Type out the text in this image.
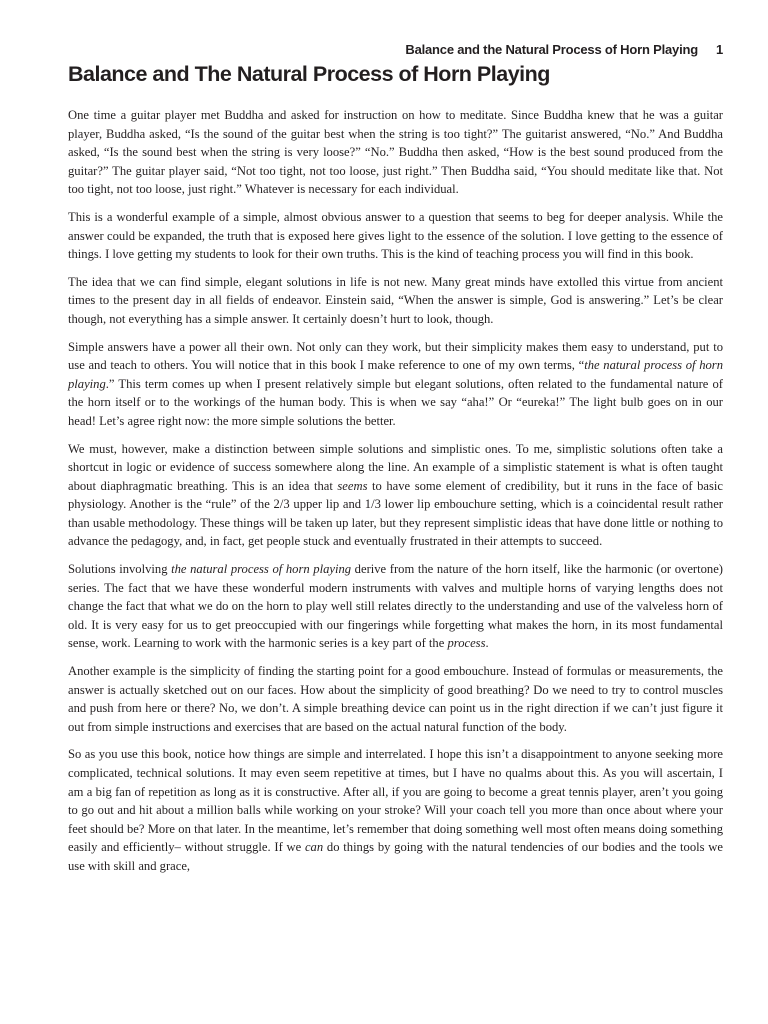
Balance and the Natural Process of Horn Playing 1
Balance and The Natural Process of Horn Playing

One time a guitar player met Buddha and asked for instruction on how to meditate. Since Buddha knew that he was a guitar player, Buddha asked, “Is the sound of the guitar best when the string is too tight?” The guitarist answered, “No.” And Buddha asked, “Is the sound best when the string is very loose?” “No.” Buddha then asked, “How is the best sound produced from the guitar?” The guitar player said, “Not too tight, not too loose, just right.” Then Buddha said, “You should meditate like that. Not too tight, not too loose, just right.” Whatever is necessary for each individual.

This is a wonderful example of a simple, almost obvious answer to a question that seems to beg for deeper analysis. While the answer could be expanded, the truth that is exposed here gives light to the essence of the solution. I love getting to the essence of things. I love getting my students to look for their own truths. This is the kind of teaching process you will find in this book.

The idea that we can find simple, elegant solutions in life is not new. Many great minds have extolled this virtue from ancient times to the present day in all fields of endeavor. Einstein said, “When the answer is simple, God is answering.” Let’s be clear though, not everything has a simple answer. It certainly doesn’t hurt to look, though.

Simple answers have a power all their own. Not only can they work, but their simplicity makes them easy to understand, put to use and teach to others. You will notice that in this book I make reference to one of my own terms, “the natural process of horn playing.” This term comes up when I present relatively simple but elegant solutions, often related to the fundamental nature of the horn itself or to the workings of the human body. This is when we say “aha!” Or “eureka!” The light bulb goes on in our head! Let’s agree right now: the more simple solutions the better.

We must, however, make a distinction between simple solutions and simplistic ones. To me, simplistic solutions often take a shortcut in logic or evidence of success somewhere along the line. An example of a simplistic statement is what is often taught about diaphragmatic breathing. This is an idea that seems to have some element of credibility, but it runs in the face of basic physiology. Another is the “rule” of the 2/3 upper lip and 1/3 lower lip embouchure setting, which is a coincidental result rather than usable methodology. These things will be taken up later, but they represent simplistic ideas that have done little or nothing to advance the pedagogy, and, in fact, get people stuck and eventually frustrated in their attempts to succeed.

Solutions involving the natural process of horn playing derive from the nature of the horn itself, like the harmonic (or overtone) series. The fact that we have these wonderful modern instruments with valves and multiple horns of varying lengths does not change the fact that what we do on the horn to play well still relates directly to the understanding and use of the valveless horn of old. It is very easy for us to get preoccupied with our fingerings while forgetting what makes the horn, in its most fundamental sense, work. Learning to work with the harmonic series is a key part of the process.

Another example is the simplicity of finding the starting point for a good embouchure. Instead of formulas or measurements, the answer is actually sketched out on our faces. How about the simplicity of good breathing? Do we need to try to control muscles and push from here or there? No, we don’t. A simple breathing device can point us in the right direction if we can’t just figure it out from simple instructions and exercises that are based on the actual natural function of the body.

So as you use this book, notice how things are simple and interrelated. I hope this isn’t a disappointment to anyone seeking more complicated, technical solutions. It may even seem repetitive at times, but I have no qualms about this. As you will ascertain, I am a big fan of repetition as long as it is constructive. After all, if you are going to become a great tennis player, aren’t you going to go out and hit about a million balls while working on your stroke? Will your coach tell you more than once about where your feet should be? More on that later. In the meantime, let’s remember that doing something well most often means doing something easily and efficiently– without struggle. If we can do things by going with the natural tendencies of our bodies and the tools we use with skill and grace,
